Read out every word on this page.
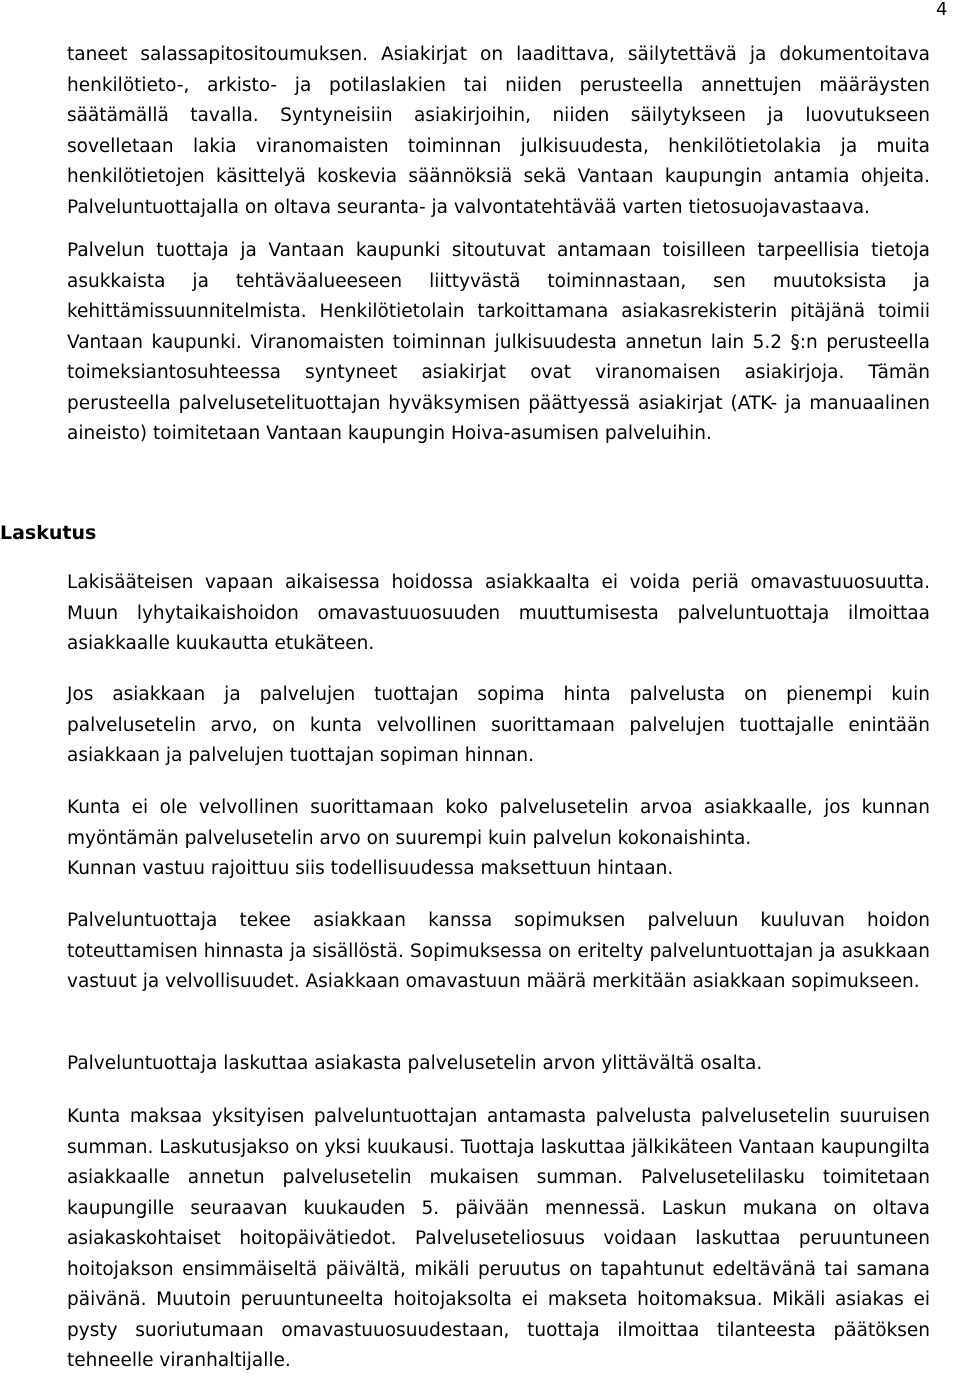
4

taneet salassapitositoumuksen. Asiakirjat on laadittava, säilytettävä ja dokumentoitava henkilötieto-, arkisto- ja potilaslakien tai niiden perusteella annettujen määräysten säätämällä tavalla. Syntyneisiin asiakirjoihin, niiden säilytykseen ja luovutukseen sovelletaan lakia viranomaisten toiminnan julkisuudesta, henkilötietolakia ja muita henkilötietojen käsittelyä koskevia säännöksiä sekä Vantaan kaupungin antamia ohjeita. Palveluntuottajalla on oltava seuranta- ja valvontatehtävää varten tietosuojavastaava.

Palvelun tuottaja ja Vantaan kaupunki sitoutuvat antamaan toisilleen tarpeellisia tietoja asukkaista ja tehtäväalueeseen liittyvästä toiminnastaan, sen muutoksista ja kehittämissuunnitelmista. Henkilötietolain tarkoittamana asiakasrekisterin pitäjänä toimii Vantaan kaupunki. Viranomaisten toiminnan julkisuudesta annetun lain 5.2 §:n perusteella toimeksiantosuhteessa syntyneet asiakirjat ovat viranomaisen asiakirjoja. Tämän perusteella palvelusetelituottajan hyväksymisen päättyessä asiakirjat (ATK- ja manuaalinen aineisto) toimitetaan Vantaan kaupungin Hoiva-asumisen palveluihin.

Laskutus

Lakisääteisen vapaan aikaisessa hoidossa asiakkaalta ei voida periä omavastuuosuutta. Muun lyhytaikaishoidon omavastuuosuuden muuttumisesta palveluntuottaja ilmoittaa asiakkaalle kuukautta etukäteen.

Jos asiakkaan ja palvelujen tuottajan sopima hinta palvelusta on pienempi kuin palvelusetelin arvo, on kunta velvollinen suorittamaan palvelujen tuottajalle enintään asiakkaan ja palvelujen tuottajan sopiman hinnan.

Kunta ei ole velvollinen suorittamaan koko palvelusetelin arvoa asiakkaalle, jos kunnan myöntämän palvelusetelin arvo on suurempi kuin palvelun kokonaishinta.
Kunnan vastuu rajoittuu siis todellisuudessa maksettuun hintaan.

Palveluntuottaja tekee asiakkaan kanssa sopimuksen palveluun kuuluvan hoidon toteuttamisen hinnasta ja sisällöstä. Sopimuksessa on eritelty palveluntuottajan ja asukkaan vastuut ja velvollisuudet. Asiakkaan omavastuun määrä merkitään asiakkaan sopimukseen.

Palveluntuottaja laskuttaa asiakasta palvelusetelin arvon ylittävältä osalta.

Kunta maksaa yksityisen palveluntuottajan antamasta palvelusta palvelusetelin suuruisen summan. Laskutusjakso on yksi kuukausi. Tuottaja laskuttaa jälkikäteen Vantaan kaupungilta asiakkaalle annetun palvelusetelin mukaisen summan. Palvelusetelilasku toimitetaan kaupungille seuraavan kuukauden 5. päivään mennessä. Laskun mukana on oltava asiakaskohtaiset hoitopäivätiedot. Palveluseteliosuus voidaan laskuttaa peruuntuneen hoitojakson ensimmäiseltä päivältä, mikäli peruutus on tapahtunut edeltävänä tai samana päivänä. Muutoin peruuntuneelta hoitojaksolta ei makseta hoitomaksua. Mikäli asiakas ei pysty suoriutumaan omavastuuosuudestaan, tuottaja ilmoittaa tilanteesta päätöksen tehneelle viranhaltijalle.
